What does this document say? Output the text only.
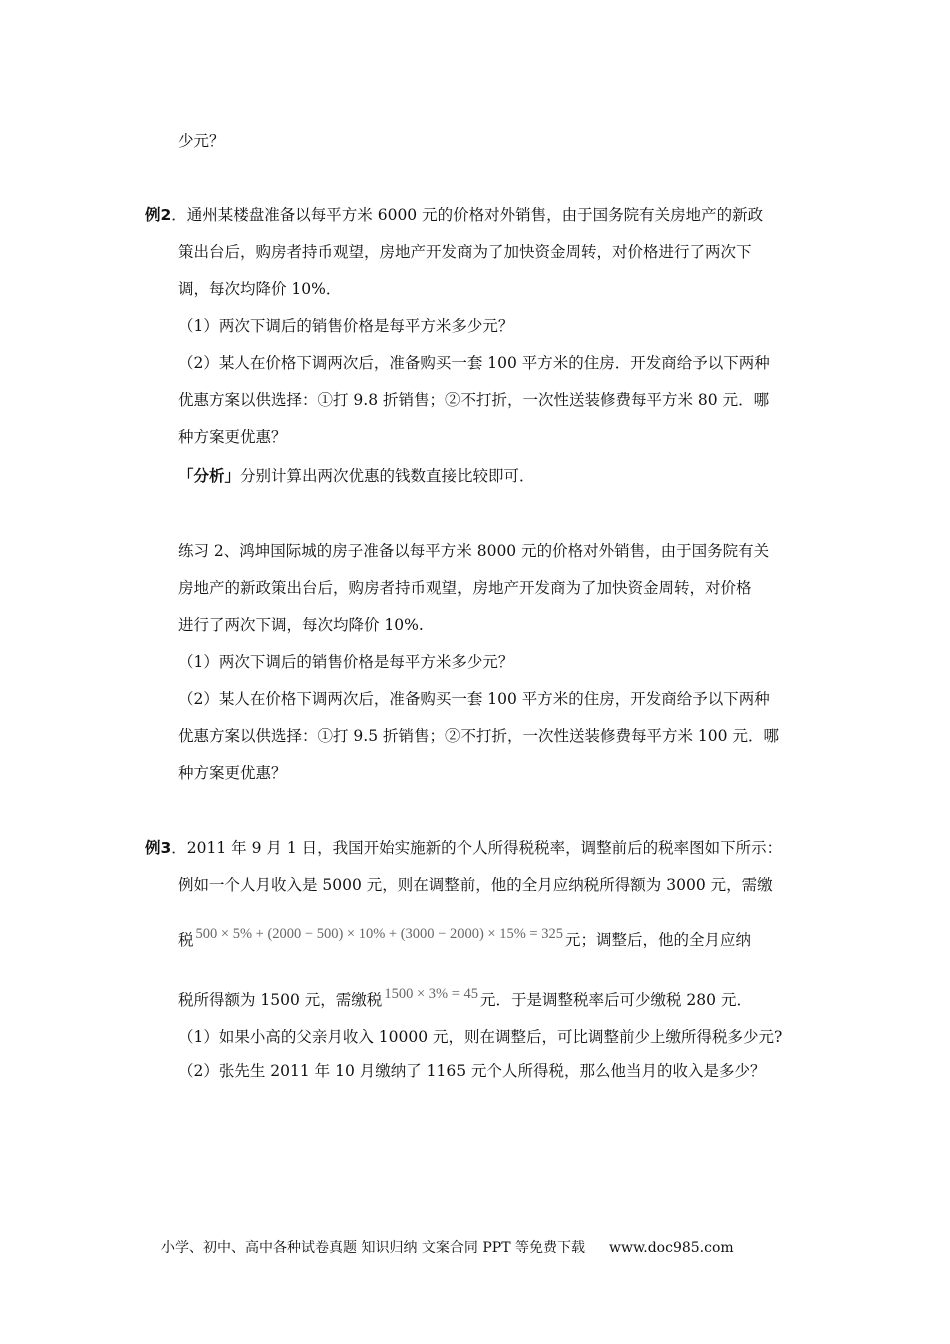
少元？
例2．通州某楼盘准备以每平方米 6000 元的价格对外销售，由于国务院有关房地产的新政
策出台后，购房者持币观望，房地产开发商为了加快资金周转，对价格进行了两次下
调，每次均降价 10%．
（1）两次下调后的销售价格是每平方米多少元？
（2）某人在价格下调两次后，准备购买一套 100 平方米的住房．开发商给予以下两种
优惠方案以供选择：①打 9.8 折销售；②不打折，一次性送装修费每平方米 80 元．哪
种方案更优惠？
「分析」分别计算出两次优惠的钱数直接比较即可．
练习 2、鸿坤国际城的房子准备以每平方米 8000 元的价格对外销售，由于国务院有关
房地产的新政策出台后，购房者持币观望，房地产开发商为了加快资金周转，对价格
进行了两次下调，每次均降价 10%.
（1）两次下调后的销售价格是每平方米多少元？
（2）某人在价格下调两次后，准备购买一套 100 平方米的住房，开发商给予以下两种
优惠方案以供选择：①打 9.5 折销售；②不打折，一次性送装修费每平方米 100 元．哪
种方案更优惠？
例3．2011 年 9 月 1 日，我国开始实施新的个人所得税税率，调整前后的税率图如下所示：
例如一个人月收入是 5000 元，则在调整前，他的全月应纳税所得额为 3000 元，需缴
税 500 × 5% + (2000 − 500) × 10% + (3000 − 2000) × 15% = 325 元；调整后，他的全月应纳
税所得额为 1500 元，需缴税 1500 × 3% = 45 元．于是调整税率后可少缴税 280 元．
（1）如果小高的父亲月收入 10000 元，则在调整后，可比调整前少上缴所得税多少元?
（2）张先生 2011 年 10 月缴纳了 1165 元个人所得税，那么他当月的收入是多少？
小学、初中、高中各种试卷真题 知识归纳 文案合同 PPT 等免费下载 www.doc985.com
